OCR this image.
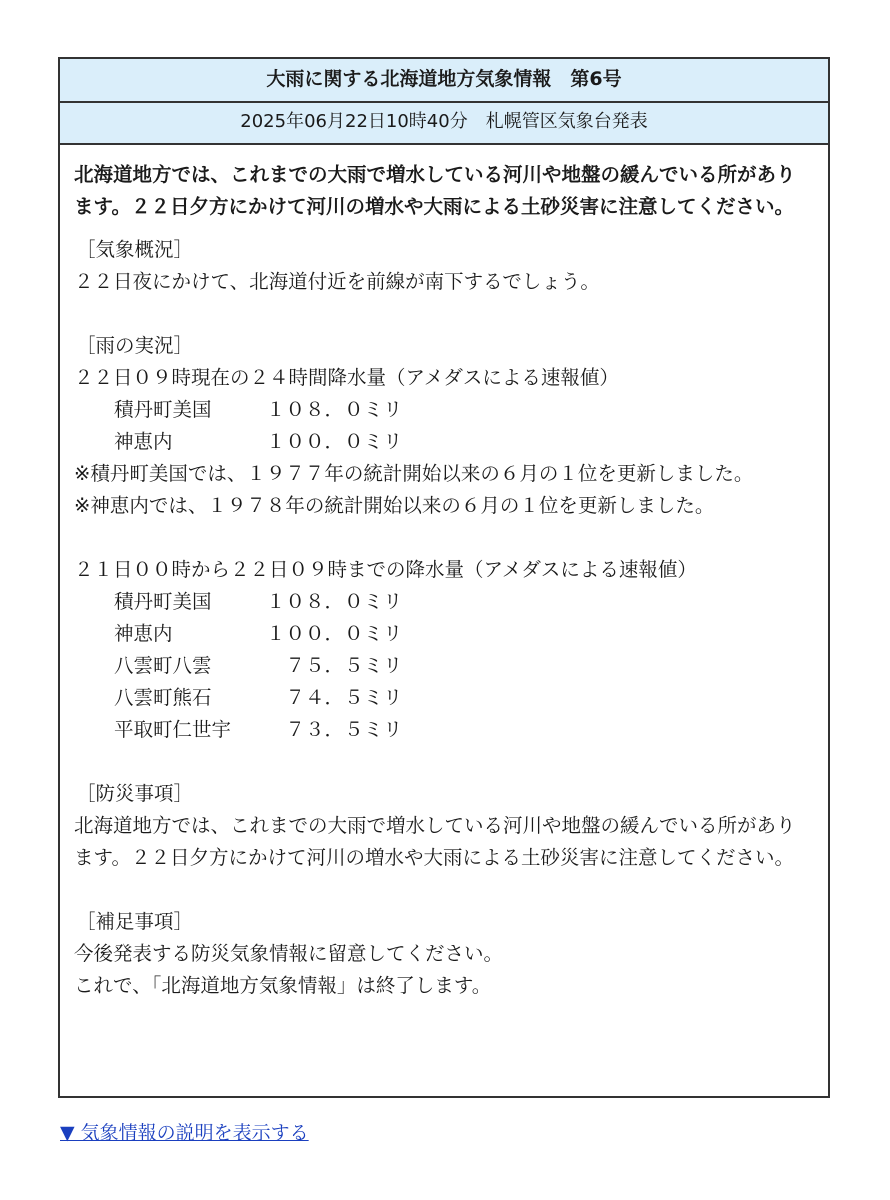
大雨に関する北海道地方気象情報　第6号
2025年06月22日10時40分　札幌管区気象台発表

北海道地方では、これまでの大雨で増水している河川や地盤の緩んでいる所があります。２２日夕方にかけて河川の増水や大雨による土砂災害に注意してください。

［気象概況］
２２日夜にかけて、北海道付近を前線が南下するでしょう。
［雨の実況］
２２日０９時現在の２４時間降水量（アメダスによる速報値）
積丹町美国	１０８．０ミリ
神恵内	１００．０ミリ
※積丹町美国では、１９７７年の統計開始以来の６月の１位を更新しました。
※神恵内では、１９７８年の統計開始以来の６月の１位を更新しました。
２１日００時から２２日０９時までの降水量（アメダスによる速報値）
積丹町美国	１０８．０ミリ
神恵内	１００．０ミリ
八雲町八雲	　７５．５ミリ
八雲町熊石	　７４．５ミリ
平取町仁世宇	　７３．５ミリ
［防災事項］
北海道地方では、これまでの大雨で増水している河川や地盤の緩んでいる所があります。２２日夕方にかけて河川の増水や大雨による土砂災害に注意してください。
［補足事項］
今後発表する防災気象情報に留意してください。
これで、「北海道地方気象情報」は終了します。
▼ 気象情報の説明を表示する
